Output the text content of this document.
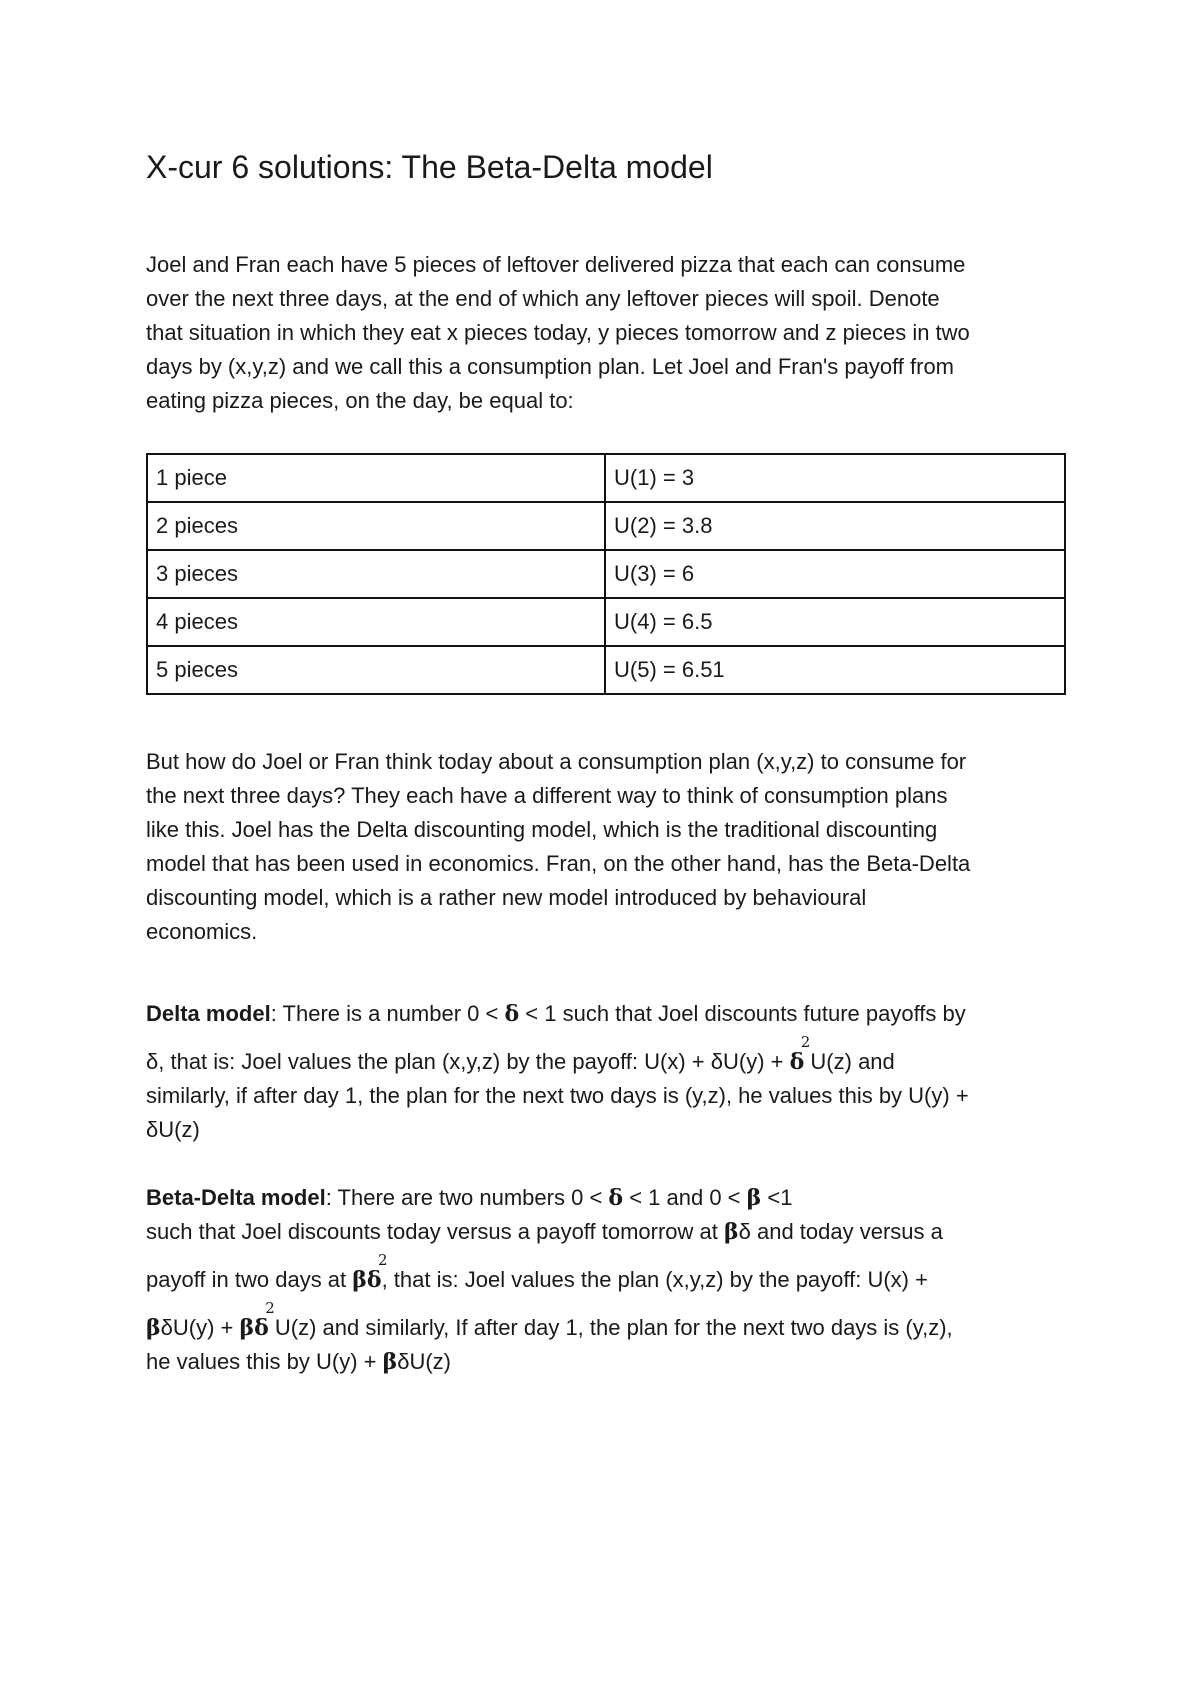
X-cur 6 solutions: The Beta-Delta model
Joel and Fran each have 5 pieces of leftover delivered pizza that each can consume
over the next three days, at the end of which any leftover pieces will spoil. Denote
that situation in which they eat x pieces today, y pieces tomorrow and z pieces in two
days by (x,y,z) and we call this a consumption plan. Let Joel and Fran's payoff from
eating pizza pieces, on the day, be equal to:
1 piece	U(1) = 3
2 pieces	U(2) = 3.8
3 pieces	U(3) = 6
4 pieces	U(4) = 6.5
5 pieces	U(5) = 6.51
But how do Joel or Fran think today about a consumption plan (x,y,z) to consume for
the next three days? They each have a different way to think of consumption plans
like this. Joel has the Delta discounting model, which is the traditional discounting
model that has been used in economics. Fran, on the other hand, has the Beta-Delta
discounting model, which is a rather new model introduced by behavioural
economics.
Delta model: There is a number 0 < δ < 1 such that Joel discounts future payoffs by
δ, that is: Joel values the plan (x,y,z) by the payoff: U(x) + δU(y) + δ
2
U(z) and
similarly, if after day 1, the plan for the next two days is (y,z), he values this by U(y) +
δU(z)
Beta-Delta model: There are two numbers 0 < δ < 1 and 0 < β <1
such that Joel discounts today versus a payoff tomorrow at βδ and today versus a
payoff in two days at βδ
2
, that is: Joel values the plan (x,y,z) by the payoff: U(x) +
βδU(y) + βδ
2
U(z) and similarly, If after day 1, the plan for the next two days is (y,z),
he values this by U(y) + βδU(z)
